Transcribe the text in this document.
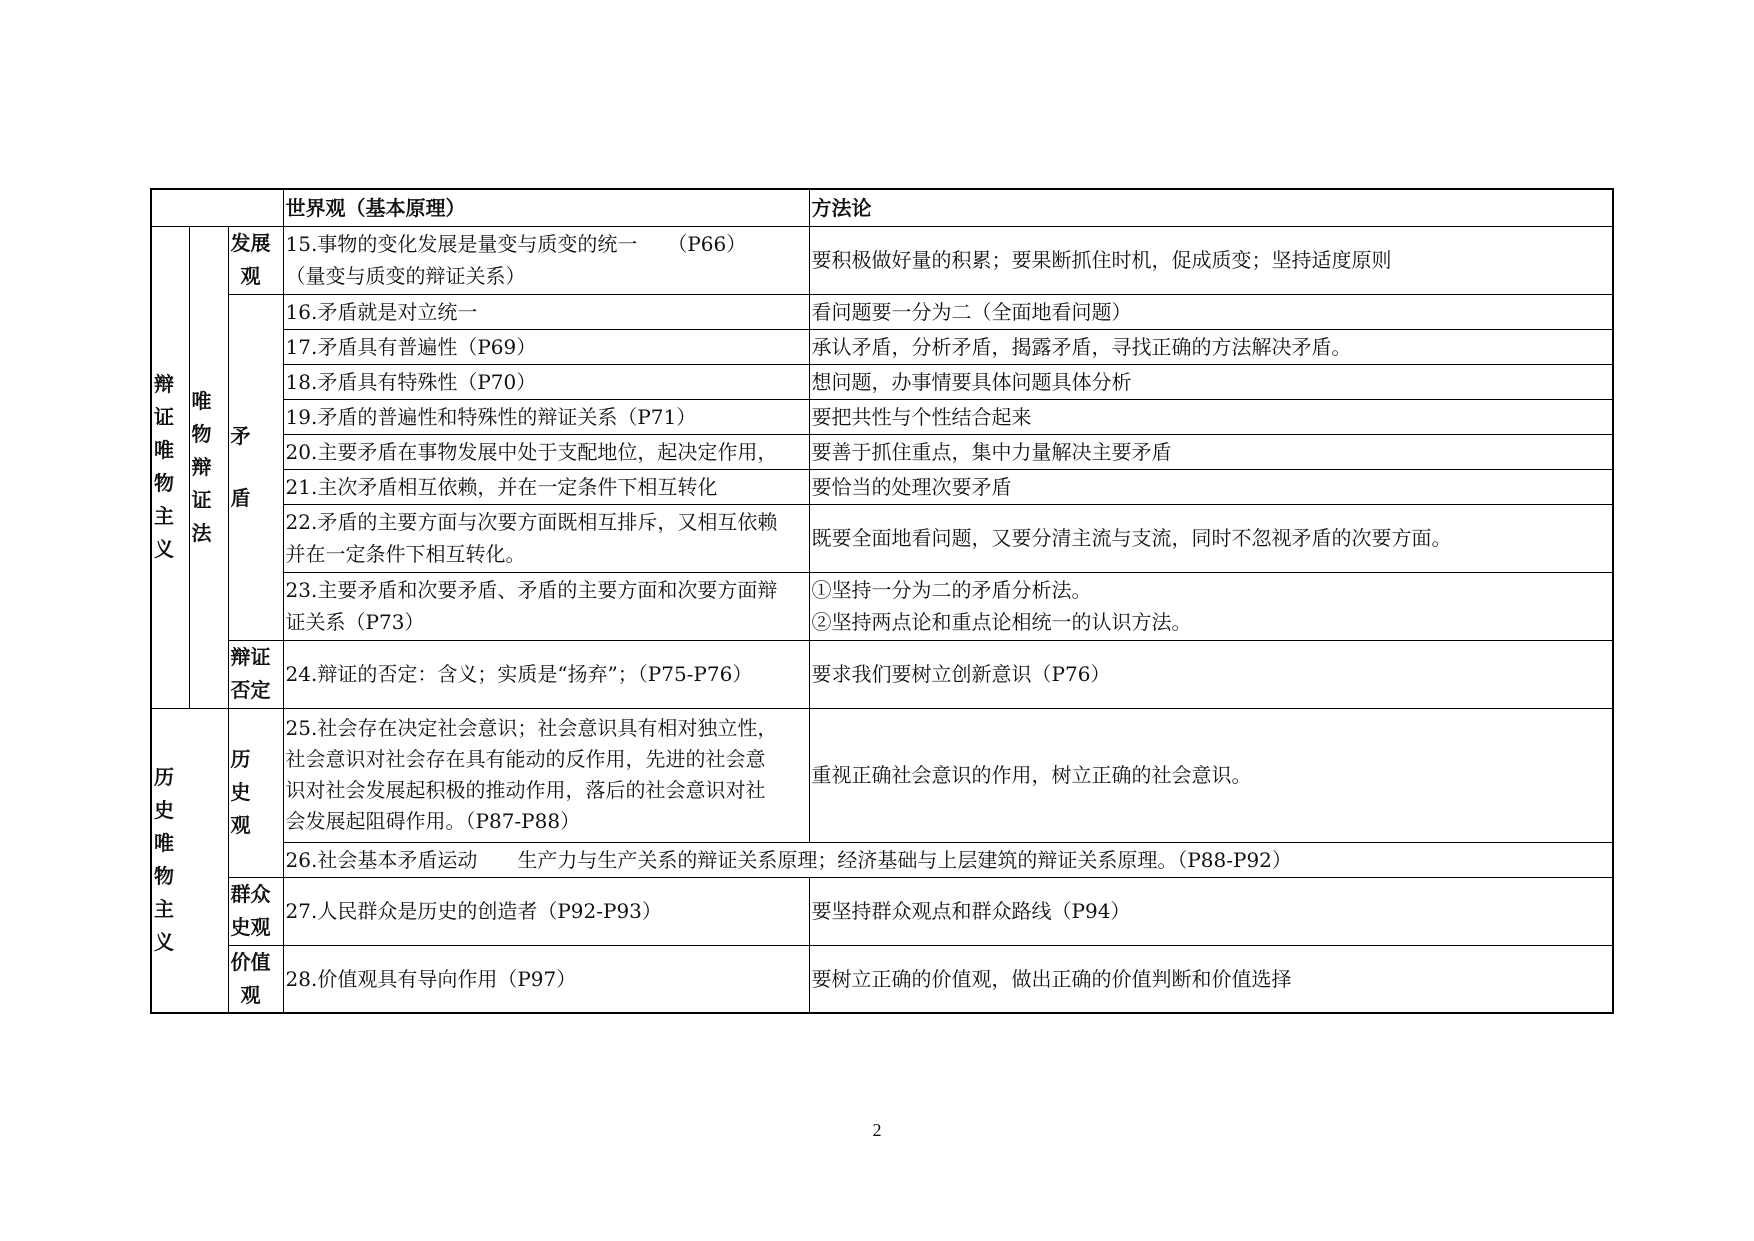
			世界观（基本原理）	方法论
辩证唯物主义	唯物辩证法	发展观	15.事物的变化发展是量变与质变的统一　　（P66）
（量变与质变的辩证关系）	要积极做好量的积累；要果断抓住时机，促成质变；坚持适度原则
		矛盾	16.矛盾就是对立统一	看问题要一分为二（全面地看问题）
			17.矛盾具有普遍性（P69）	承认矛盾，分析矛盾，揭露矛盾，寻找正确的方法解决矛盾。
			18.矛盾具有特殊性（P70）	想问题，办事情要具体问题具体分析
			19.矛盾的普遍性和特殊性的辩证关系（P71）	要把共性与个性结合起来
			20.主要矛盾在事物发展中处于支配地位，起决定作用，	要善于抓住重点，集中力量解决主要矛盾
			21.主次矛盾相互依赖，并在一定条件下相互转化	要恰当的处理次要矛盾

			22.矛盾的主要方面与次要方面既相互排斥，又相互依赖
并在一定条件下相互转化。	既要全面地看问题，又要分清主流与支流，同时不忽视矛盾的次要方面。

			23.主要矛盾和次要矛盾、矛盾的主要方面和次要方面辩
证关系（P73）	①坚持一分为二的矛盾分析法。
②坚持两点论和重点论相统一的认识方法。

		辩证否定	24.辩证的否定：含义；实质是“扬弃”；（P75-P76）	要求我们要树立创新意识（P76）
历史唯物主义		历史观	25.社会存在决定社会意识；社会意识具有相对独立性，
社会意识对社会存在具有能动的反作用，先进的社会意
识对社会发展起积极的推动作用，落后的社会意识对社
会发展起阻碍作用。（P87-P88）	重视正确社会意识的作用，树立正确的社会意识。
			26.社会基本矛盾运动　　生产力与生产关系的辩证关系原理；经济基础与上层建筑的辩证关系原理。（P88-P92）	
		群众史观	27.人民群众是历史的创造者（P92-P93）	要坚持群众观点和群众路线（P94）
		价值观	28.价值观具有导向作用（P97）	要树立正确的价值观，做出正确的价值判断和价值选择
2
